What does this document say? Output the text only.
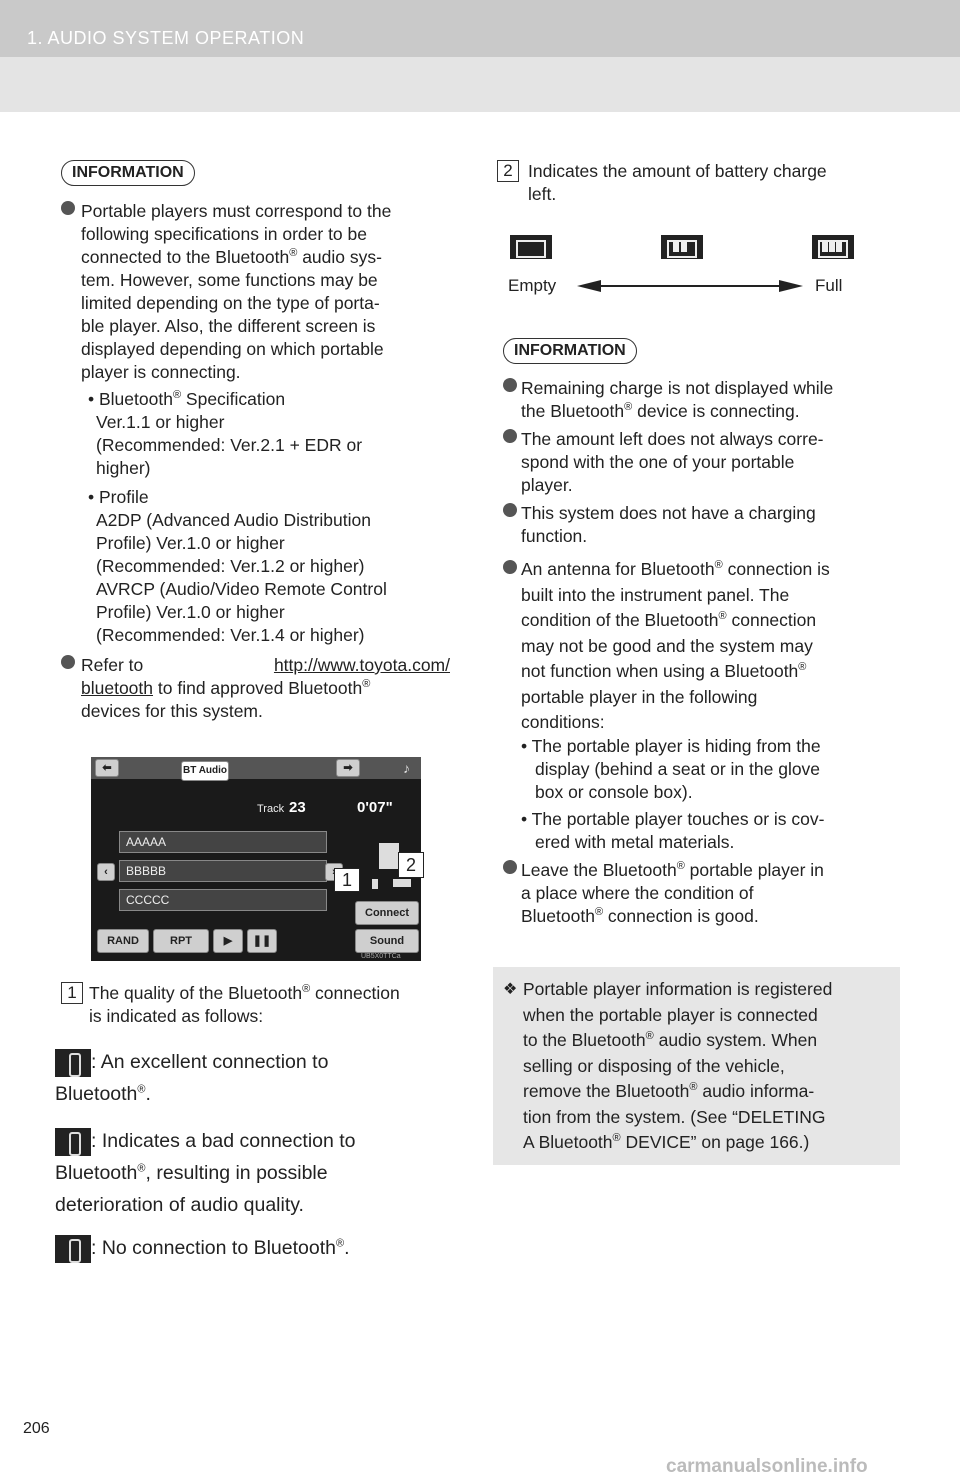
1. AUDIO SYSTEM OPERATION
INFORMATION
Portable players must correspond to the
following specifications in order to be
connected to the Bluetooth® audio sys-
tem. However, some functions may be
limited depending on the type of porta-
ble player. Also, the different screen is
displayed depending on which portable
player is connecting.
• Bluetooth® Specification
Ver.1.1 or higher
(Recommended: Ver.2.1 + EDR or
higher)
• Profile
A2DP (Advanced Audio Distribution
Profile) Ver.1.0 or higher
(Recommended: Ver.1.2 or higher)
AVRCP (Audio/Video Remote Control
Profile) Ver.1.0 or higher
(Recommended: Ver.1.4 or higher)
Refer to	http://www.toyota.com/
bluetooth to find approved Bluetooth®
devices for this system.
⬅	BT Audio	➡	♪
Track 23	0'07"
AAAAA
BBBBB
CCCCC
‹	1
2
Connect
RAND	RPT	▶	❚❚	Sound
UB5X0TTCa
1 The quality of the Bluetooth® connection
is indicated as follows:
: An excellent connection to
Bluetooth®.
: Indicates a bad connection to
Bluetooth®, resulting in possible
deterioration of audio quality.
: No connection to Bluetooth®.
2 Indicates the amount of battery charge
left.
Empty	Full
INFORMATION
Remaining charge is not displayed while
the Bluetooth® device is connecting.
The amount left does not always corre-
spond with the one of your portable
player.
This system does not have a charging
function.
An antenna for Bluetooth® connection is
built into the instrument panel. The
condition of the Bluetooth® connection
may not be good and the system may
not function when using a Bluetooth®
portable player in the following
conditions:
• The portable player is hiding from the
display (behind a seat or in the glove
box or console box).
• The portable player touches or is cov-
ered with metal materials.
Leave the Bluetooth® portable player in
a place where the condition of
Bluetooth® connection is good.
❖ Portable player information is registered
when the portable player is connected
to the Bluetooth® audio system. When
selling or disposing of the vehicle,
remove the Bluetooth® audio informa-
tion from the system. (See “DELETING
A Bluetooth® DEVICE” on page 166.)
206
carmanualsonline.info
